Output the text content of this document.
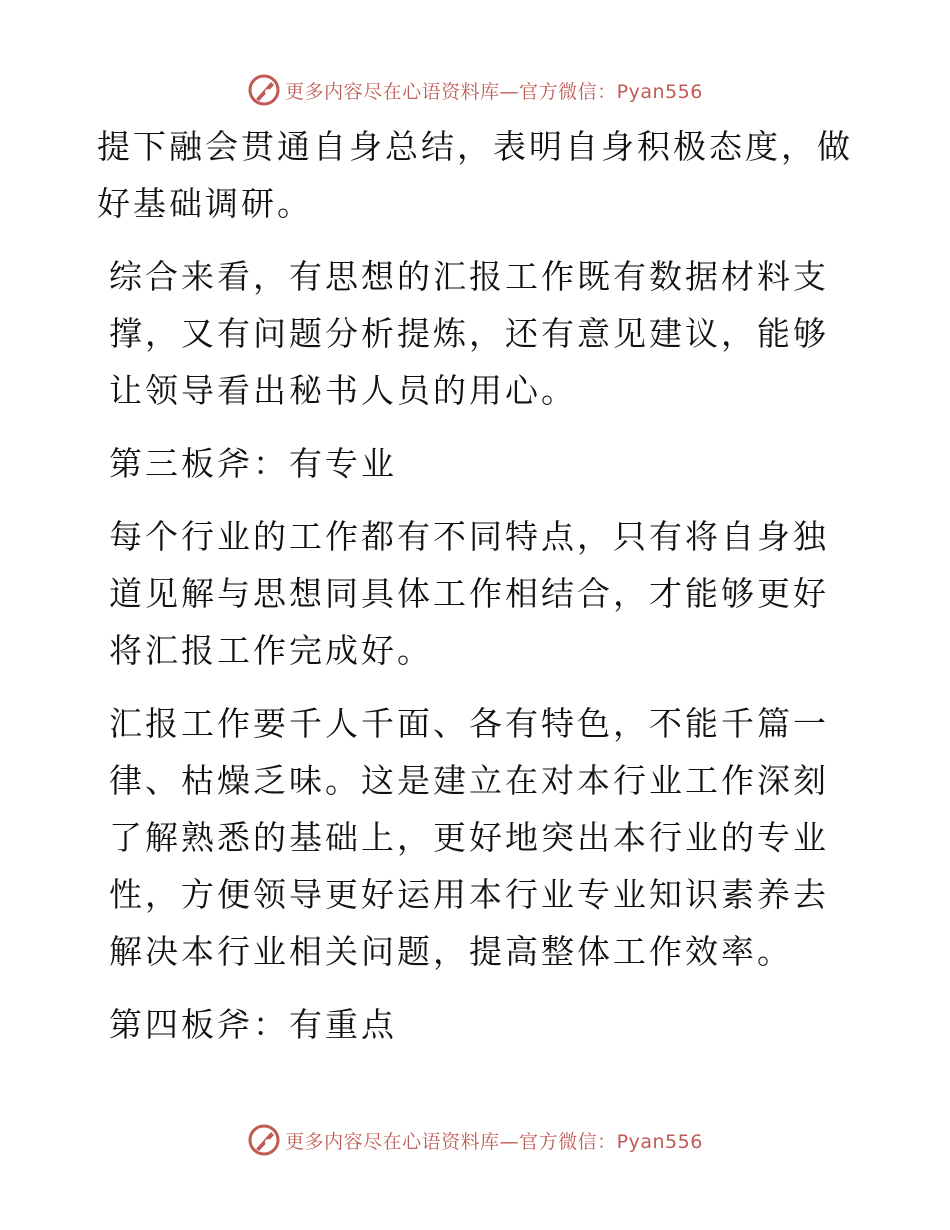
更多内容尽在心语资料库—官方微信：Pyan556

提下融会贯通自身总结，表明自身积极态度，做好基础调研。

综合来看，有思想的汇报工作既有数据材料支撑，又有问题分析提炼，还有意见建议，能够让领导看出秘书人员的用心。

第三板斧：有专业

每个行业的工作都有不同特点，只有将自身独道见解与思想同具体工作相结合，才能够更好将汇报工作完成好。

汇报工作要千人千面、各有特色，不能千篇一律、枯燥乏味。这是建立在对本行业工作深刻了解熟悉的基础上，更好地突出本行业的专业性，方便领导更好运用本行业专业知识素养去解决本行业相关问题，提高整体工作效率。

第四板斧：有重点

更多内容尽在心语资料库—官方微信：Pyan556
